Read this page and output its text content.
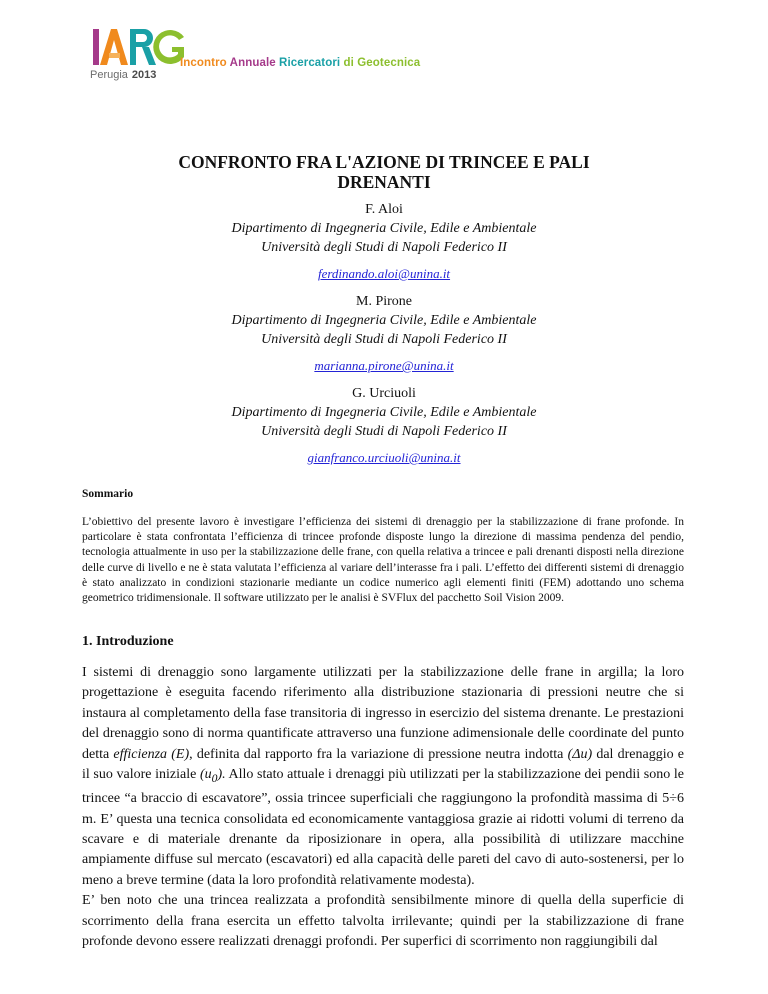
Perugia 2013
Incontro Annuale Ricercatori di Geotecnica
CONFRONTO FRA L'AZIONE DI TRINCEE E PALI
DRENANTI
F. Aloi
Dipartimento di Ingegneria Civile, Edile e Ambientale
Università degli Studi di Napoli Federico II
ferdinando.aloi@unina.it
M. Pirone
Dipartimento di Ingegneria Civile, Edile e Ambientale
Università degli Studi di Napoli Federico II
marianna.pirone@unina.it
G. Urciuoli
Dipartimento di Ingegneria Civile, Edile e Ambientale
Università degli Studi di Napoli Federico II
gianfranco.urciuoli@unina.it
Sommario
L’obiettivo del presente lavoro è investigare l’efficienza dei sistemi di drenaggio per la stabilizzazione di frane profonde. In particolare è stata confrontata l’efficienza di trincee profonde disposte lungo la direzione di massima pendenza del pendio, tecnologia attualmente in uso per la stabilizzazione delle frane, con quella relativa a trincee e pali drenanti disposti nella direzione delle curve di livello e ne è stata valutata l’efficienza al variare dell’interasse fra i pali. L’effetto dei differenti sistemi di drenaggio è stato analizzato in condizioni stazionarie mediante un codice numerico agli elementi finiti (FEM) adottando uno schema geometrico tridimensionale. Il software utilizzato per le analisi è SVFlux del pacchetto Soil Vision 2009.
1. Introduzione

I sistemi di drenaggio sono largamente utilizzati per la stabilizzazione delle frane in argilla; la loro progettazione è eseguita facendo riferimento alla distribuzione stazionaria di pressioni neutre che si instaura al completamento della fase transitoria di ingresso in esercizio del sistema drenante. Le prestazioni del drenaggio sono di norma quantificate attraverso una funzione adimensionale delle coordinate del punto detta efficienza (E), definita dal rapporto fra la variazione di pressione neutra indotta (Δu) dal drenaggio e il suo valore iniziale $(u_0)$. Allo stato attuale i drenaggi più utilizzati per la stabilizzazione dei pendii sono le trincee “a braccio di escavatore”, ossia trincee superficiali che raggiungono la profondità massima di 5÷6 m. E’ questa una tecnica consolidata ed economicamente vantaggiosa grazie ai ridotti volumi di terreno da scavare e di materiale drenante da riposizionare in opera, alla possibilità di utilizzare macchine ampiamente diffuse sul mercato (escavatori) ed alla capacità delle pareti del cavo di auto-sostenersi, per lo meno a breve termine (data la loro profondità relativamente modesta).

E’ ben noto che una trincea realizzata a profondità sensibilmente minore di quella della superficie di scorrimento della frana esercita un effetto talvolta irrilevante; quindi per la stabilizzazione di frane profonde devono essere realizzati drenaggi profondi. Per superfici di scorrimento non raggiungibili dal
